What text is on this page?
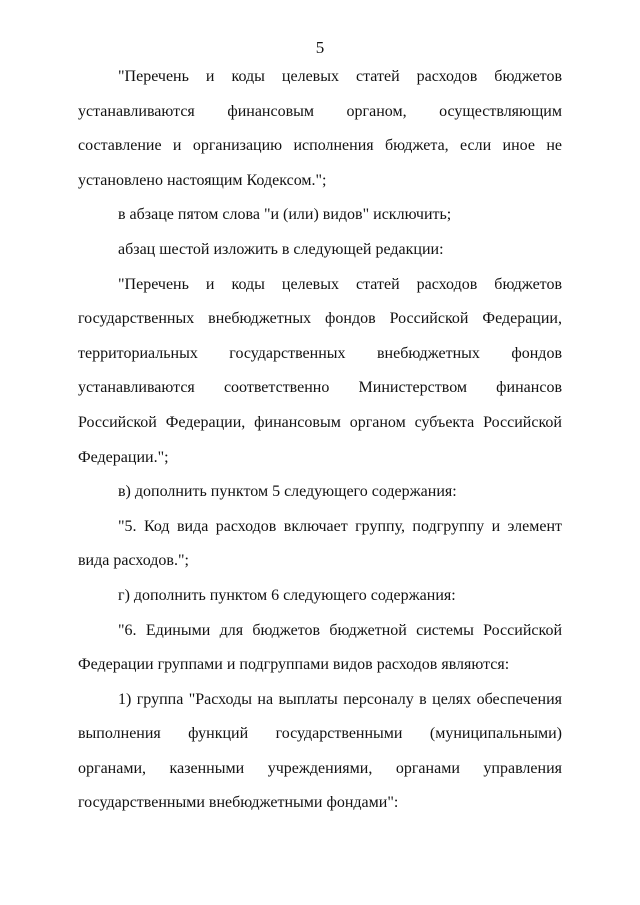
5

"Перечень и коды целевых статей расходов бюджетов устанавливаются финансовым органом, осуществляющим составление и организацию исполнения бюджета, если иное не установлено настоящим Кодексом.";

в абзаце пятом слова "и (или) видов" исключить;

абзац шестой изложить в следующей редакции:

"Перечень и коды целевых статей расходов бюджетов государственных внебюджетных фондов Российской Федерации, территориальных государственных внебюджетных фондов устанавливаются соответственно Министерством финансов Российской Федерации, финансовым органом субъекта Российской Федерации.";

в) дополнить пунктом 5 следующего содержания:

"5. Код вида расходов включает группу, подгруппу и элемент вида расходов.";

г) дополнить пунктом 6 следующего содержания:

"6. Едиными для бюджетов бюджетной системы Российской Федерации группами и подгруппами видов расходов являются:

1) группа "Расходы на выплаты персоналу в целях обеспечения выполнения функций государственными (муниципальными) органами, казенными учреждениями, органами управления государственными внебюджетными фондами":
